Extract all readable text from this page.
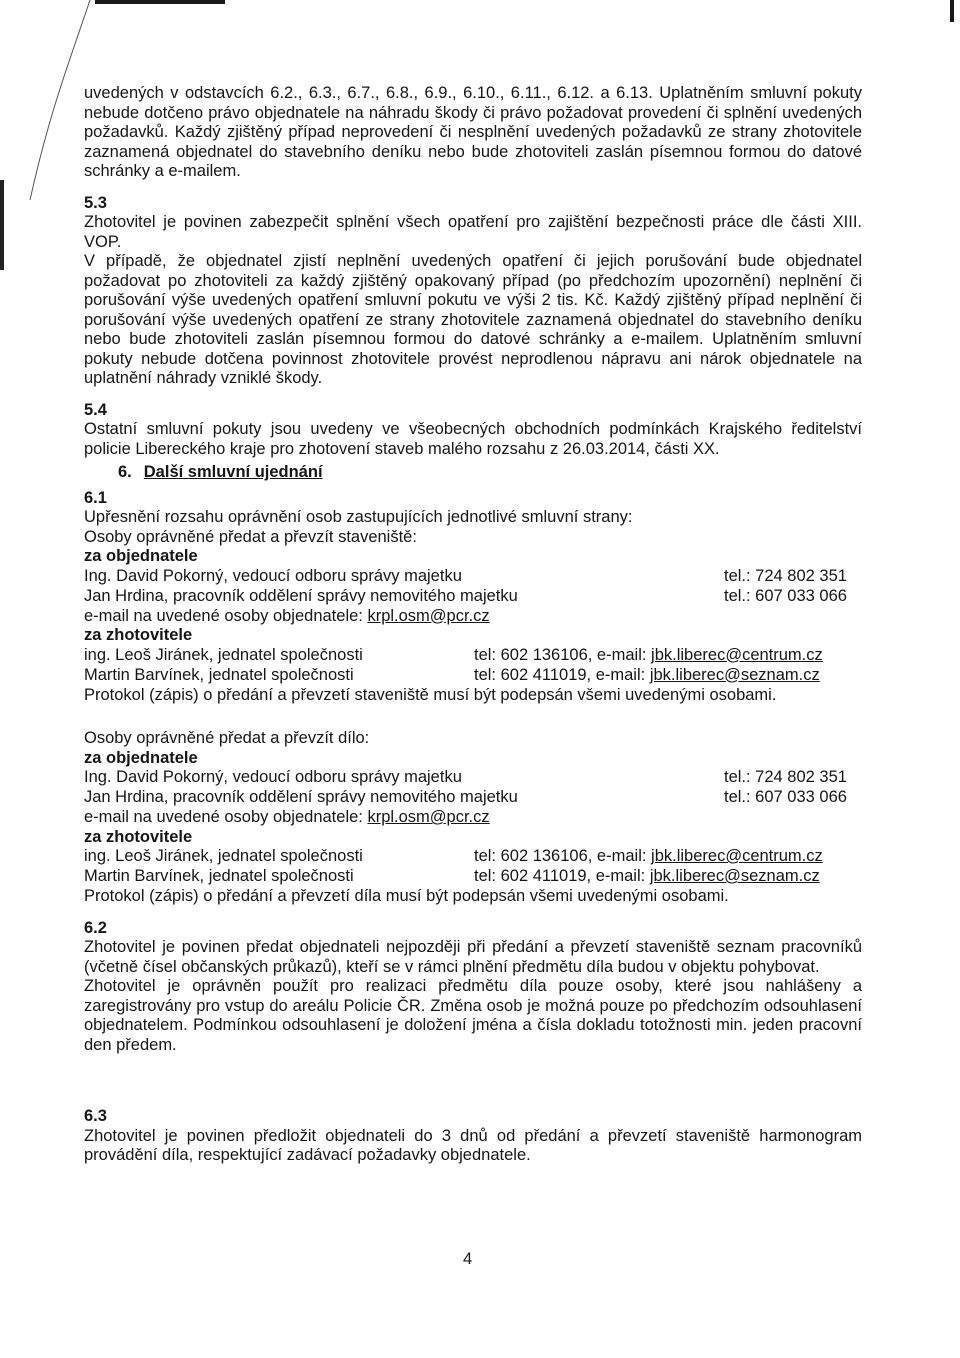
uvedených v odstavcích 6.2., 6.3., 6.7., 6.8., 6.9., 6.10., 6.11., 6.12. a 6.13. Uplatněním smluvní pokuty nebude dotčeno právo objednatele na náhradu škody či právo požadovat provedení či splnění uvedených požadavků. Každý zjištěný případ neprovedení či nesplnění uvedených požadavků ze strany zhotovitele zaznamená objednatel do stavebního deníku nebo bude zhotoviteli zaslán písemnou formou do datové schránky a e-mailem.

5.3

Zhotovitel je povinen zabezpečit splnění všech opatření pro zajištění bezpečnosti práce dle části XIII. VOP.

V případě, že objednatel zjistí neplnění uvedených opatření či jejich porušování bude objednatel požadovat po zhotoviteli za každý zjištěný opakovaný případ (po předchozím upozornění) neplnění či porušování výše uvedených opatření smluvní pokutu ve výši 2 tis. Kč. Každý zjištěný případ neplnění či porušování výše uvedených opatření ze strany zhotovitele zaznamená objednatel do stavebního deníku nebo bude zhotoviteli zaslán písemnou formou do datové schránky a e-mailem. Uplatněním smluvní pokuty nebude dotčena povinnost zhotovitele provést neprodlenou nápravu ani nárok objednatele na uplatnění náhrady vzniklé škody.

5.4

Ostatní smluvní pokuty jsou uvedeny ve všeobecných obchodních podmínkách Krajského ředitelství policie Libereckého kraje pro zhotovení staveb malého rozsahu z 26.03.2014, části XX.

6. Další smluvní ujednání

6.1

Upřesnění rozsahu oprávnění osob zastupujících jednotlivé smluvní strany:

Osoby oprávněné předat a převzít staveniště:

za objednatele

Ing. David Pokorný, vedoucí odboru správy majetku	tel.: 724 802 351
Jan Hrdina, pracovník oddělení správy nemovitého majetku	tel.: 607 033 066

e-mail na uvedené osoby objednatele: krpl.osm@pcr.cz

za zhotovitele

ing. Leoš Jiránek, jednatel společnosti	tel: 602 136106, e-mail: jbk.liberec@centrum.cz
Martin Barvínek, jednatel společnosti	tel: 602 411019, e-mail: jbk.liberec@seznam.cz

Protokol (zápis) o předání a převzetí staveniště musí být podepsán všemi uvedenými osobami.

Osoby oprávněné předat a převzít dílo:

za objednatele

Ing. David Pokorný, vedoucí odboru správy majetku	tel.: 724 802 351
Jan Hrdina, pracovník oddělení správy nemovitého majetku	tel.: 607 033 066

e-mail na uvedené osoby objednatele: krpl.osm@pcr.cz

za zhotovitele

ing. Leoš Jiránek, jednatel společnosti	tel: 602 136106, e-mail: jbk.liberec@centrum.cz
Martin Barvínek, jednatel společnosti	tel: 602 411019, e-mail: jbk.liberec@seznam.cz

Protokol (zápis) o předání a převzetí díla musí být podepsán všemi uvedenými osobami.

6.2

Zhotovitel je povinen předat objednateli nejpozději při předání a převzetí staveniště seznam pracovníků (včetně čísel občanských průkazů), kteří se v rámci plnění předmětu díla budou v objektu pohybovat.

Zhotovitel je oprávněn použít pro realizaci předmětu díla pouze osoby, které jsou nahlášeny a zaregistrovány pro vstup do areálu Policie ČR. Změna osob je možná pouze po předchozím odsouhlasení objednatelem. Podmínkou odsouhlasení je doložení jména a čísla dokladu totožnosti min. jeden pracovní den předem.

6.3

Zhotovitel je povinen předložit objednateli do 3 dnů od předání a převzetí staveniště harmonogram provádění díla, respektující zadávací požadavky objednatele.

4
